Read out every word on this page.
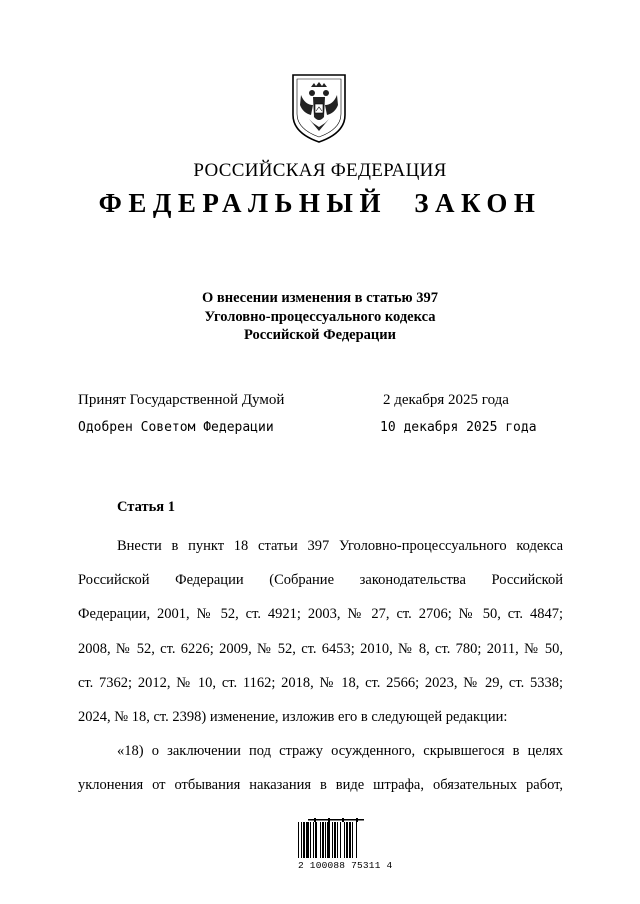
РОССИЙСКАЯ ФЕДЕРАЦИЯ
ФЕДЕРАЛЬНЫЙ ЗАКОН
О внесении изменения в статью 397
Уголовно-процессуального кодекса
Российской Федерации
Принят Государственной Думой	2 декабря 2025 года
Одобрен Советом Федерации	10 декабря 2025 года
Статья 1
Внести в пункт 18 статьи 397 Уголовно-процессуального кодекса
Российской Федерации (Собрание законодательства Российской
Федерации, 2001, № 52, ст. 4921; 2003, № 27, ст. 2706; № 50, ст. 4847;
2008, № 52, ст. 6226; 2009, № 52, ст. 6453; 2010, № 8, ст. 780; 2011, № 50,
ст. 7362; 2012, № 10, ст. 1162; 2018, № 18, ст. 2566; 2023, № 29, ст. 5338;
2024, № 18, ст. 2398) изменение, изложив его в следующей редакции:
«18) о заключении под стражу осужденного, скрывшегося в целях
уклонения от отбывания наказания в виде штрафа, обязательных работ,
2 100088 75311 4
